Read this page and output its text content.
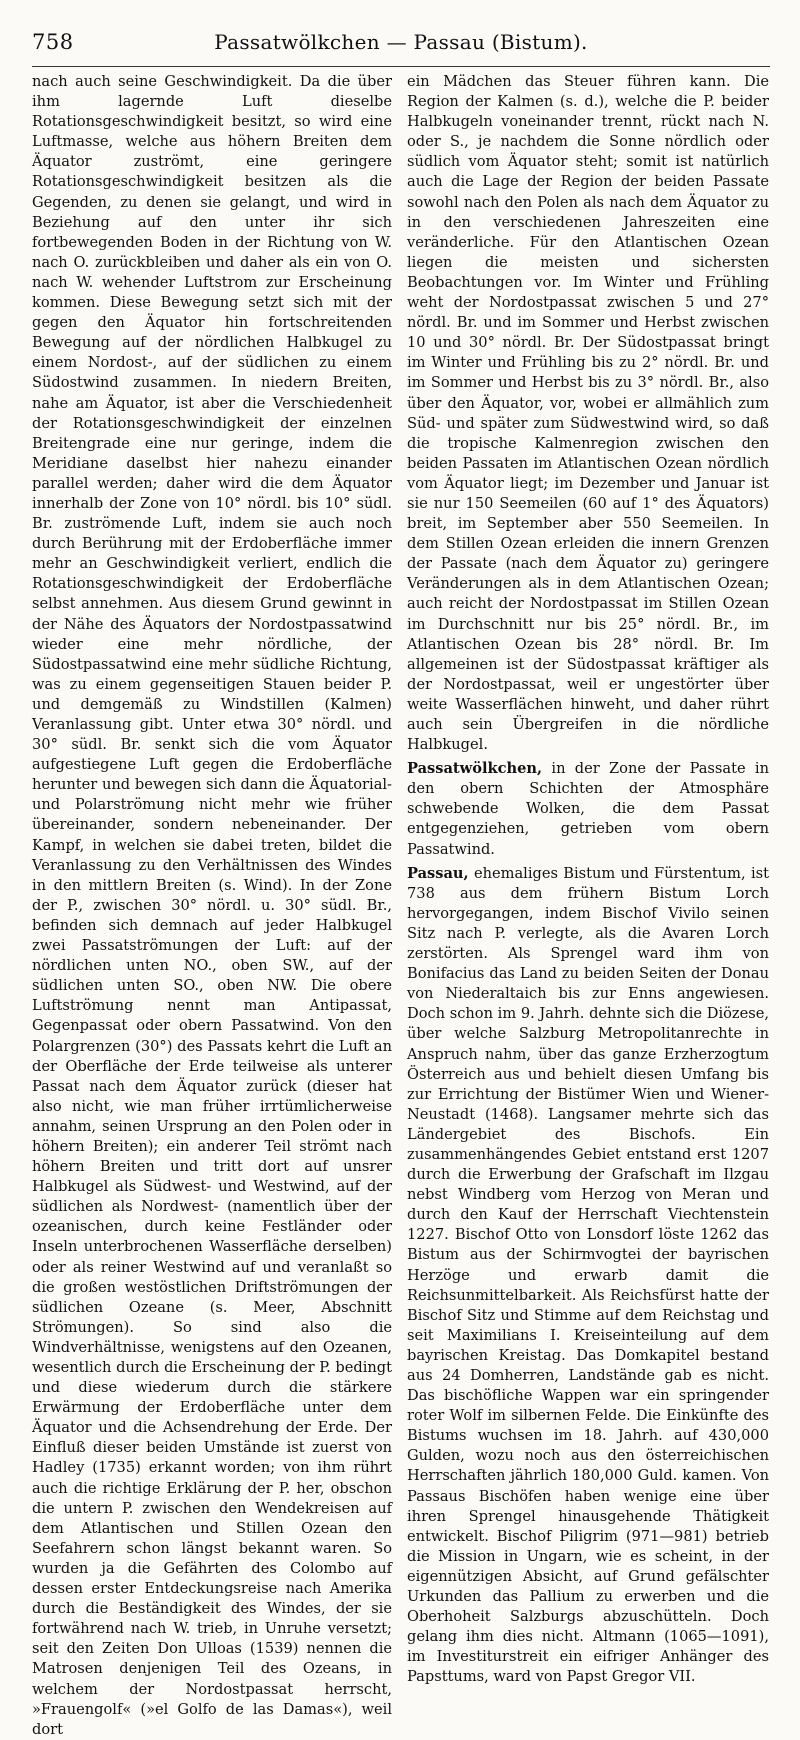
758	Passatwölkchen — Passau (Bistum).

nach auch seine Geschwindigkeit. Da die über ihm lagernde Luft dieselbe Rotationsgeschwindigkeit besitzt, so wird eine Luftmasse, welche aus höhern Breiten dem Äquator zuströmt, eine geringere Rotationsgeschwindigkeit besitzen als die Gegenden, zu denen sie gelangt, und wird in Beziehung auf den unter ihr sich fortbewegenden Boden in der Richtung von W. nach O. zurückbleiben und daher als ein von O. nach W. wehender Luftstrom zur Erscheinung kommen. Diese Bewegung setzt sich mit der gegen den Äquator hin fortschreitenden Bewegung auf der nördlichen Halbkugel zu einem Nordost-, auf der südlichen zu einem Südostwind zusammen. In niedern Breiten, nahe am Äquator, ist aber die Verschiedenheit der Rotationsgeschwindigkeit der einzelnen Breitengrade eine nur geringe, indem die Meridiane daselbst hier nahezu einander parallel werden; daher wird die dem Äquator innerhalb der Zone von 10° nördl. bis 10° südl. Br. zuströmende Luft, indem sie auch noch durch Berührung mit der Erdoberfläche immer mehr an Geschwindigkeit verliert, endlich die Rotationsgeschwindigkeit der Erdoberfläche selbst annehmen. Aus diesem Grund gewinnt in der Nähe des Äquators der Nordostpassatwind wieder eine mehr nördliche, der Südostpassatwind eine mehr südliche Richtung, was zu einem gegenseitigen Stauen beider P. und demgemäß zu Windstillen (Kalmen) Veranlassung gibt. Unter etwa 30° nördl. und 30° südl. Br. senkt sich die vom Äquator aufgestiegene Luft gegen die Erdoberfläche herunter und bewegen sich dann die Äquatorial- und Polarströmung nicht mehr wie früher übereinander, sondern nebeneinander. Der Kampf, in welchen sie dabei treten, bildet die Veranlassung zu den Verhältnissen des Windes in den mittlern Breiten (s. Wind). In der Zone der P., zwischen 30° nördl. u. 30° südl. Br., befinden sich demnach auf jeder Halbkugel zwei Passatströmungen der Luft: auf der nördlichen unten NO., oben SW., auf der südlichen unten SO., oben NW. Die obere Luftströmung nennt man Antipassat, Gegenpassat oder obern Passatwind. Von den Polargrenzen (30°) des Passats kehrt die Luft an der Oberfläche der Erde teilweise als unterer Passat nach dem Äquator zurück (dieser hat also nicht, wie man früher irrtümlicherweise annahm, seinen Ursprung an den Polen oder in höhern Breiten); ein anderer Teil strömt nach höhern Breiten und tritt dort auf unsrer Halbkugel als Südwest- und Westwind, auf der südlichen als Nordwest- (namentlich über der ozeanischen, durch keine Festländer oder Inseln unterbrochenen Wasserfläche derselben) oder als reiner Westwind auf und veranlaßt so die großen westöstlichen Driftströmungen der südlichen Ozeane (s. Meer, Abschnitt Strömungen). So sind also die Windverhältnisse, wenigstens auf den Ozeanen, wesentlich durch die Erscheinung der P. bedingt und diese wiederum durch die stärkere Erwärmung der Erdoberfläche unter dem Äquator und die Achsendrehung der Erde. Der Einfluß dieser beiden Umstände ist zuerst von Hadley (1735) erkannt worden; von ihm rührt auch die richtige Erklärung der P. her, obschon die untern P. zwischen den Wendekreisen auf dem Atlantischen und Stillen Ozean den Seefahrern schon längst bekannt waren. So wurden ja die Gefährten des Colombo auf dessen erster Entdeckungsreise nach Amerika durch die Beständigkeit des Windes, der sie fortwährend nach W. trieb, in Unruhe versetzt; seit den Zeiten Don Ulloas (1539) nennen die Matrosen denjenigen Teil des Ozeans, in welchem der Nordostpassat herrscht, »Frauengolf« (»el Golfo de las Damas«), weil dort

ein Mädchen das Steuer führen kann. Die Region der Kalmen (s. d.), welche die P. beider Halbkugeln voneinander trennt, rückt nach N. oder S., je nachdem die Sonne nördlich oder südlich vom Äquator steht; somit ist natürlich auch die Lage der Region der beiden Passate sowohl nach den Polen als nach dem Äquator zu in den verschiedenen Jahreszeiten eine veränderliche. Für den Atlantischen Ozean liegen die meisten und sichersten Beobachtungen vor. Im Winter und Frühling weht der Nordostpassat zwischen 5 und 27° nördl. Br. und im Sommer und Herbst zwischen 10 und 30° nördl. Br. Der Südostpassat bringt im Winter und Frühling bis zu 2° nördl. Br. und im Sommer und Herbst bis zu 3° nördl. Br., also über den Äquator, vor, wobei er allmählich zum Süd- und später zum Südwestwind wird, so daß die tropische Kalmenregion zwischen den beiden Passaten im Atlantischen Ozean nördlich vom Äquator liegt; im Dezember und Januar ist sie nur 150 Seemeilen (60 auf 1° des Äquators) breit, im September aber 550 Seemeilen. In dem Stillen Ozean erleiden die innern Grenzen der Passate (nach dem Äquator zu) geringere Veränderungen als in dem Atlantischen Ozean; auch reicht der Nordostpassat im Stillen Ozean im Durchschnitt nur bis 25° nördl. Br., im Atlantischen Ozean bis 28° nördl. Br. Im allgemeinen ist der Südostpassat kräftiger als der Nordostpassat, weil er ungestörter über weite Wasserflächen hinweht, und daher rührt auch sein Übergreifen in die nördliche Halbkugel.

Passatwölkchen, in der Zone der Passate in den obern Schichten der Atmosphäre schwebende Wolken, die dem Passat entgegenziehen, getrieben vom obern Passatwind.

Passau, ehemaliges Bistum und Fürstentum, ist 738 aus dem frühern Bistum Lorch hervorgegangen, indem Bischof Vivilo seinen Sitz nach P. verlegte, als die Avaren Lorch zerstörten. Als Sprengel ward ihm von Bonifacius das Land zu beiden Seiten der Donau von Niederaltaich bis zur Enns angewiesen. Doch schon im 9. Jahrh. dehnte sich die Diözese, über welche Salzburg Metropolitanrechte in Anspruch nahm, über das ganze Erzherzogtum Österreich aus und behielt diesen Umfang bis zur Errichtung der Bistümer Wien und Wiener-Neustadt (1468). Langsamer mehrte sich das Ländergebiet des Bischofs. Ein zusammenhängendes Gebiet entstand erst 1207 durch die Erwerbung der Grafschaft im Ilzgau nebst Windberg vom Herzog von Meran und durch den Kauf der Herrschaft Viechtenstein 1227. Bischof Otto von Lonsdorf löste 1262 das Bistum aus der Schirmvogtei der bayrischen Herzöge und erwarb damit die Reichsunmittelbarkeit. Als Reichsfürst hatte der Bischof Sitz und Stimme auf dem Reichstag und seit Maximilians I. Kreiseinteilung auf dem bayrischen Kreistag. Das Domkapitel bestand aus 24 Domherren, Landstände gab es nicht. Das bischöfliche Wappen war ein springender roter Wolf im silbernen Felde. Die Einkünfte des Bistums wuchsen im 18. Jahrh. auf 430,000 Gulden, wozu noch aus den österreichischen Herrschaften jährlich 180,000 Guld. kamen. Von Passaus Bischöfen haben wenige eine über ihren Sprengel hinausgehende Thätigkeit entwickelt. Bischof Piligrim (971—981) betrieb die Mission in Ungarn, wie es scheint, in der eigennützigen Absicht, auf Grund gefälschter Urkunden das Pallium zu erwerben und die Oberhoheit Salzburgs abzuschütteln. Doch gelang ihm dies nicht. Altmann (1065—1091), im Investiturstreit ein eifriger Anhänger des Papsttums, ward von Papst Gregor VII.
